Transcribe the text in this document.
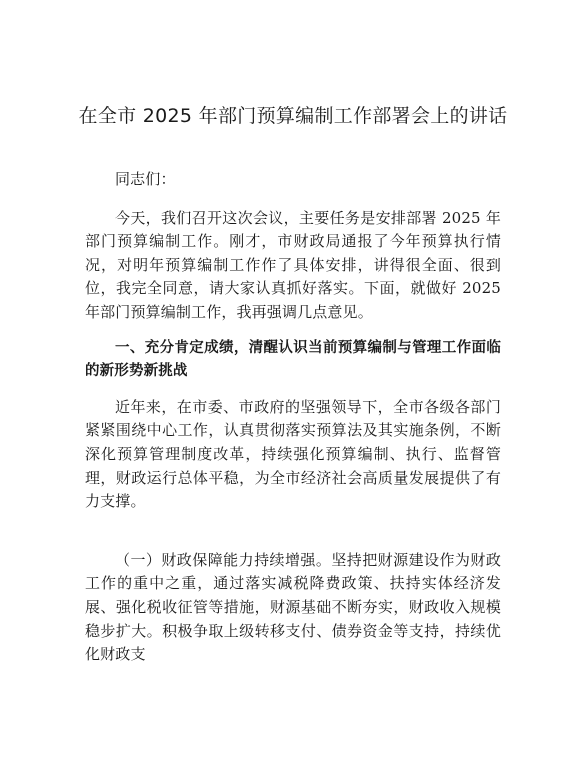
在全市 2025 年部门预算编制工作部署会上的讲话

同志们：

今天，我们召开这次会议，主要任务是安排部署 2025 年部门预算编制工作。刚才，市财政局通报了今年预算执行情况，对明年预算编制工作作了具体安排，讲得很全面、很到位，我完全同意，请大家认真抓好落实。下面，就做好 2025 年部门预算编制工作，我再强调几点意见。

一、充分肯定成绩，清醒认识当前预算编制与管理工作面临的新形势新挑战

近年来，在市委、市政府的坚强领导下，全市各级各部门紧紧围绕中心工作，认真贯彻落实预算法及其实施条例，不断深化预算管理制度改革，持续强化预算编制、执行、监督管理，财政运行总体平稳，为全市经济社会高质量发展提供了有力支撑。

（一）财政保障能力持续增强。坚持把财源建设作为财政工作的重中之重，通过落实减税降费政策、扶持实体经济发展、强化税收征管等措施，财源基础不断夯实，财政收入规模稳步扩大。积极争取上级转移支付、债券资金等支持，持续优化财政支
